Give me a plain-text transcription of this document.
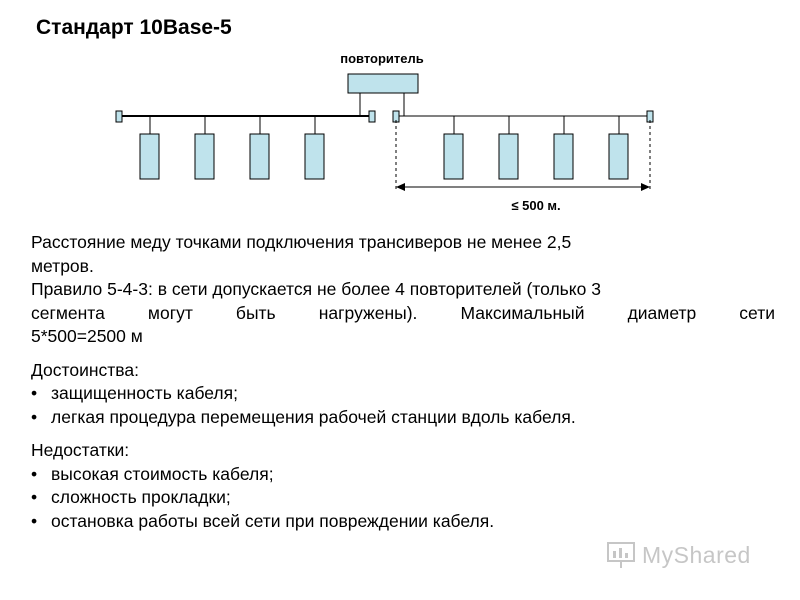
Стандарт 10Base-5
повторитель
≤ 500 м.
Расстояние меду точками подключения трансиверов не менее 2,5
метров.
Правило 5-4-3: в сети допускается не более 4 повторителей (только 3
сегмента могут быть нагружены). Максимальный диаметр сети
5*500=2500 м
Достоинства:
• защищенность кабеля;
• легкая процедура перемещения рабочей станции вдоль кабеля.
Недостатки:
• высокая стоимость кабеля;
• сложность прокладки;
• остановка работы всей сети при повреждении кабеля.
MyShared
